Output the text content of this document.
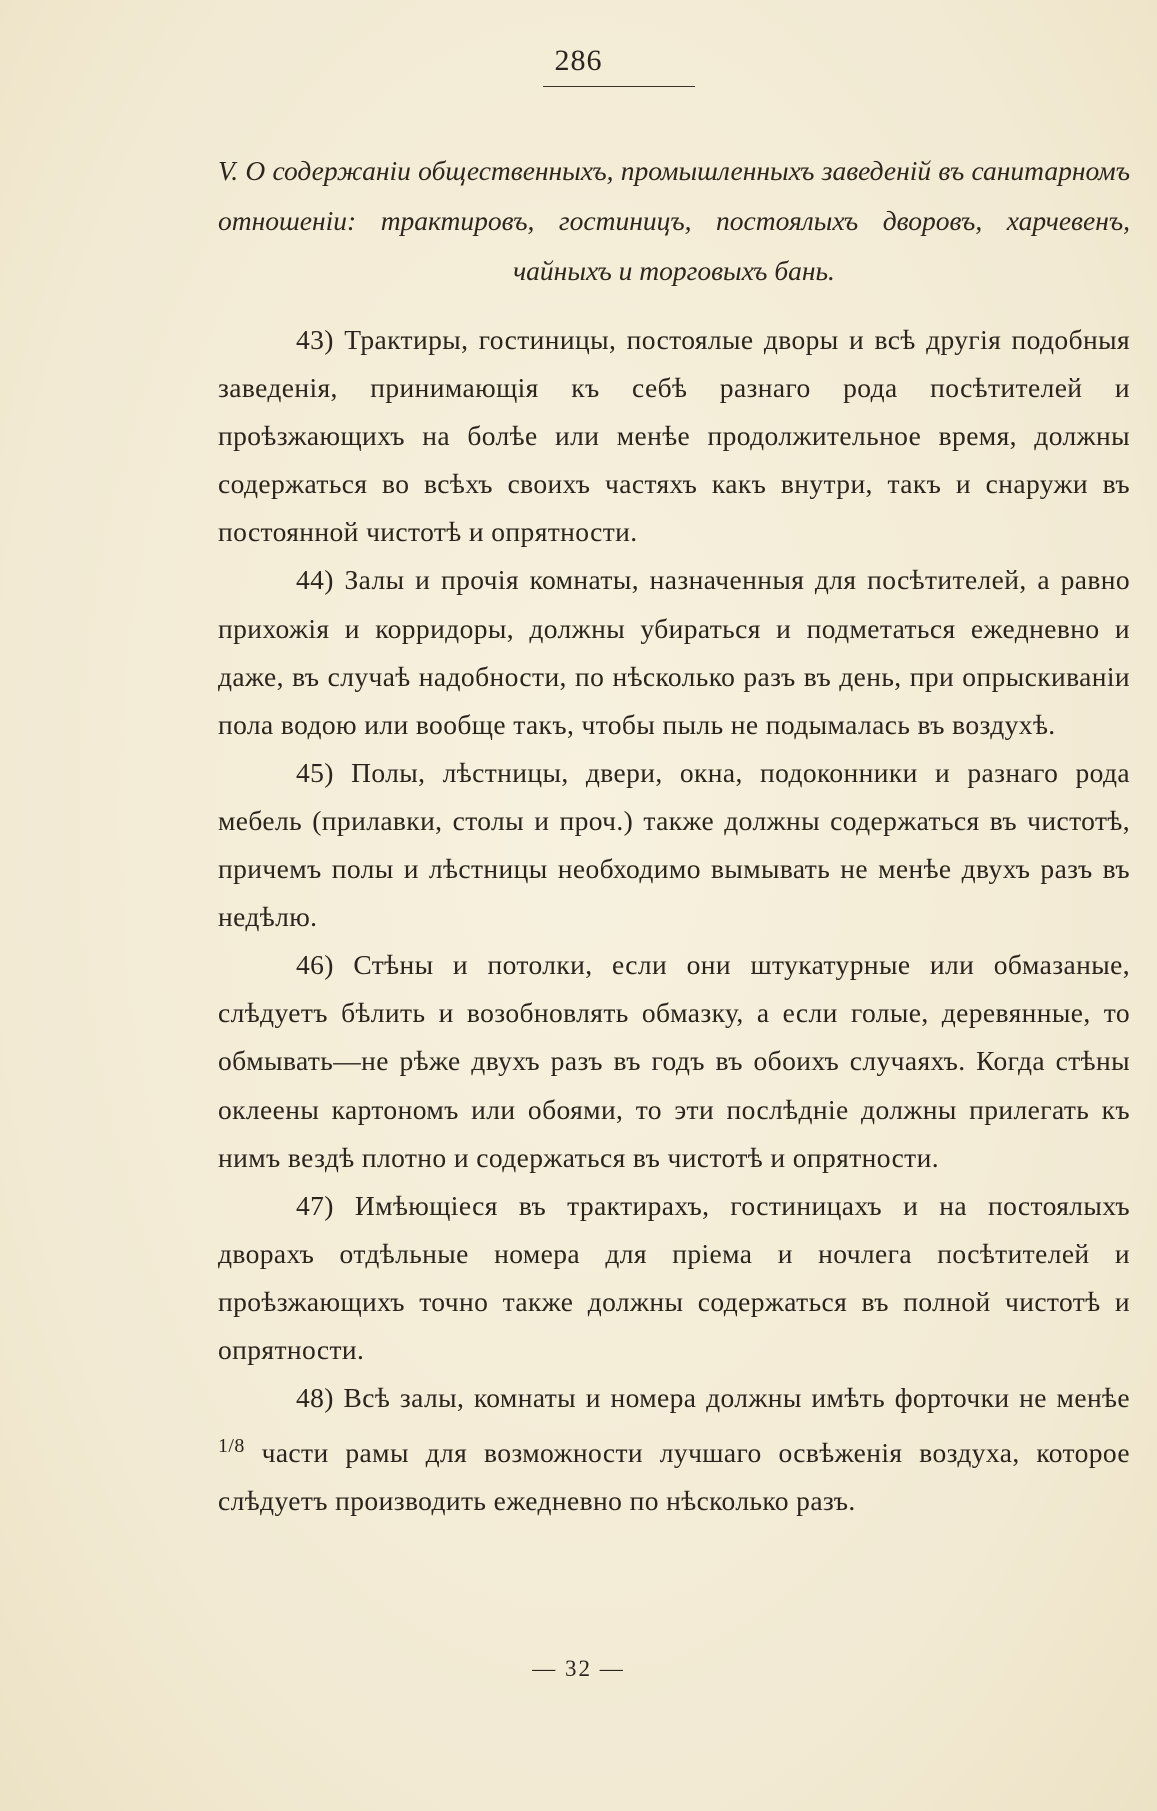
286
V. О содержаніи общественныхъ, промышленныхъ заведеній въ санитарномъ отношеніи: трактировъ, гостиницъ, постоялыхъ дворовъ, харчевенъ, чайныхъ и торговыхъ бань.

43) Трактиры, гостиницы, постоялые дворы и всѣ другія подобныя заведенія, принимающія къ себѣ разнаго рода посѣтителей и проѣзжающихъ на болѣе или менѣе продолжительное время, должны содержаться во всѣхъ своихъ частяхъ какъ внутри, такъ и снаружи въ постоянной чистотѣ и опрятности.

44) Залы и прочія комнаты, назначенныя для посѣтителей, а равно прихожія и корридоры, должны убираться и подметаться ежедневно и даже, въ случаѣ надобности, по нѣсколько разъ въ день, при опрыскиваніи пола водою или вообще такъ, чтобы пыль не подымалась въ воздухѣ.

45) Полы, лѣстницы, двери, окна, подоконники и разнаго рода мебель (прилавки, столы и проч.) также должны содержаться въ чистотѣ, причемъ полы и лѣстницы необходимо вымывать не менѣе двухъ разъ въ недѣлю.

46) Стѣны и потолки, если они штукатурные или обмазаные, слѣдуетъ бѣлить и возобновлять обмазку, а если голые, деревянные, то обмывать—не рѣже двухъ разъ въ годъ въ обоихъ случаяхъ. Когда стѣны оклеены картономъ или обоями, то эти послѣдніе должны прилегать къ нимъ вездѣ плотно и содержаться въ чистотѣ и опрятности.

47) Имѣющіеся въ трактирахъ, гостиницахъ и на постоялыхъ дворахъ отдѣльные номера для пріема и ночлега посѣтителей и проѣзжающихъ точно также должны содержаться въ полной чистотѣ и опрятности.

48) Всѣ залы, комнаты и номера должны имѣть форточки не менѣе $^{1/8}$ части рамы для возможности лучшаго освѣженія воздуха, которое слѣдуетъ производить ежедневно по нѣсколько разъ.

— 32 —
